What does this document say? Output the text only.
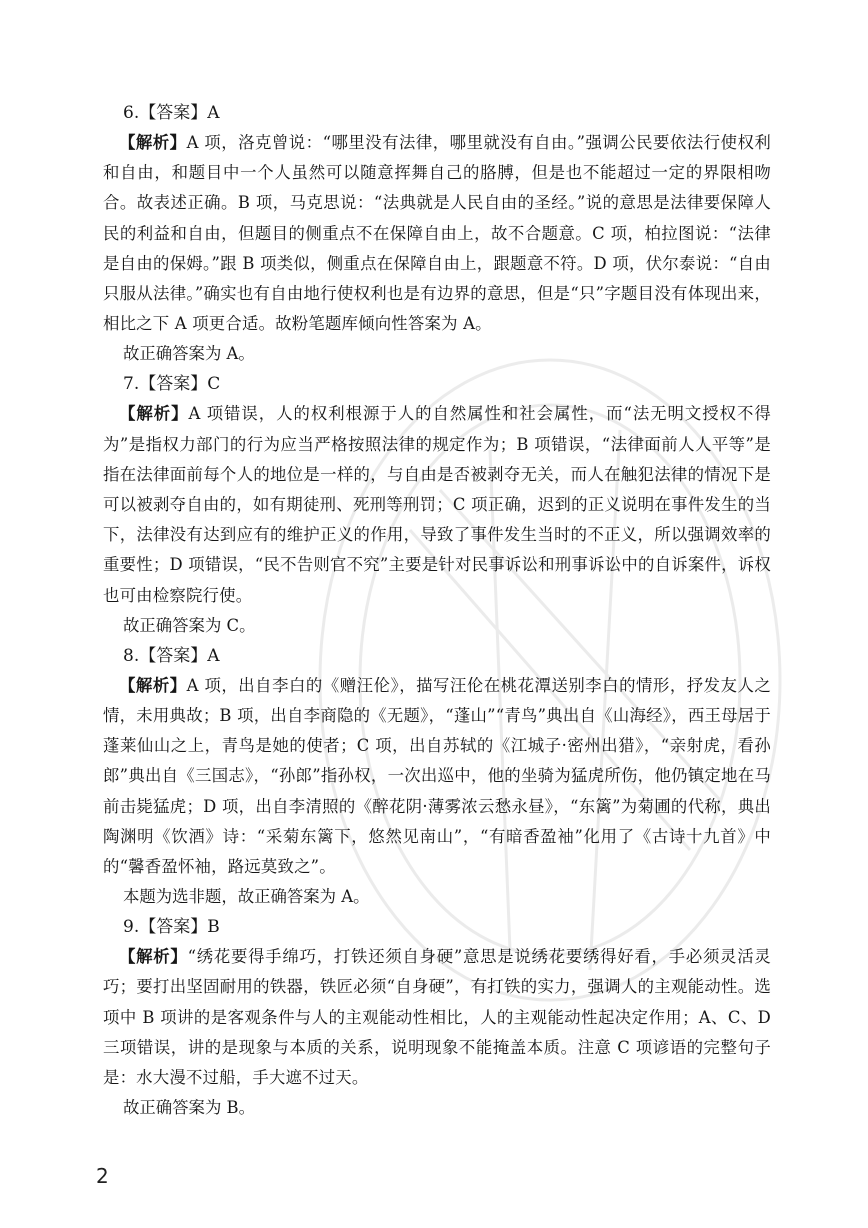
6.【答案】A

【解析】A 项，洛克曾说：“哪里没有法律，哪里就没有自由。”强调公民要依法行使权利和自由，和题目中一个人虽然可以随意挥舞自己的胳膊，但是也不能超过一定的界限相吻合。故表述正确。B 项，马克思说：“法典就是人民自由的圣经。”说的意思是法律要保障人民的利益和自由，但题目的侧重点不在保障自由上，故不合题意。C 项，柏拉图说：“法律是自由的保姆。”跟 B 项类似，侧重点在保障自由上，跟题意不符。D 项，伏尔泰说：“自由只服从法律。”确实也有自由地行使权利也是有边界的意思，但是“只”字题目没有体现出来，相比之下 A 项更合适。故粉笔题库倾向性答案为 A。

故正确答案为 A。
7.【答案】C

【解析】A 项错误，人的权利根源于人的自然属性和社会属性，而“法无明文授权不得为”是指权力部门的行为应当严格按照法律的规定作为；B 项错误，“法律面前人人平等”是指在法律面前每个人的地位是一样的，与自由是否被剥夺无关，而人在触犯法律的情况下是可以被剥夺自由的，如有期徒刑、死刑等刑罚；C 项正确，迟到的正义说明在事件发生的当下，法律没有达到应有的维护正义的作用，导致了事件发生当时的不正义，所以强调效率的重要性；D 项错误，“民不告则官不究”主要是针对民事诉讼和刑事诉讼中的自诉案件，诉权也可由检察院行使。

故正确答案为 C。
8.【答案】A

【解析】A 项，出自李白的《赠汪伦》，描写汪伦在桃花潭送别李白的情形，抒发友人之情，未用典故；B 项，出自李商隐的《无题》，“蓬山”“青鸟”典出自《山海经》，西王母居于蓬莱仙山之上，青鸟是她的使者；C 项，出自苏轼的《江城子·密州出猎》，“亲射虎，看孙郎”典出自《三国志》，“孙郎”指孙权，一次出巡中，他的坐骑为猛虎所伤，他仍镇定地在马前击毙猛虎；D 项，出自李清照的《醉花阴·薄雾浓云愁永昼》，“东篱”为菊圃的代称，典出陶渊明《饮酒》诗：“采菊东篱下，悠然见南山”，“有暗香盈袖”化用了《古诗十九首》中的“馨香盈怀袖，路远莫致之”。

本题为选非题，故正确答案为 A。
9.【答案】B

【解析】“绣花要得手绵巧，打铁还须自身硬”意思是说绣花要绣得好看，手必须灵活灵巧；要打出坚固耐用的铁器，铁匠必须“自身硬”，有打铁的实力，强调人的主观能动性。选项中 B 项讲的是客观条件与人的主观能动性相比，人的主观能动性起决定作用；A、C、D 三项错误，讲的是现象与本质的关系，说明现象不能掩盖本质。注意 C 项谚语的完整句子是：水大漫不过船，手大遮不过天。

故正确答案为 B。
2
